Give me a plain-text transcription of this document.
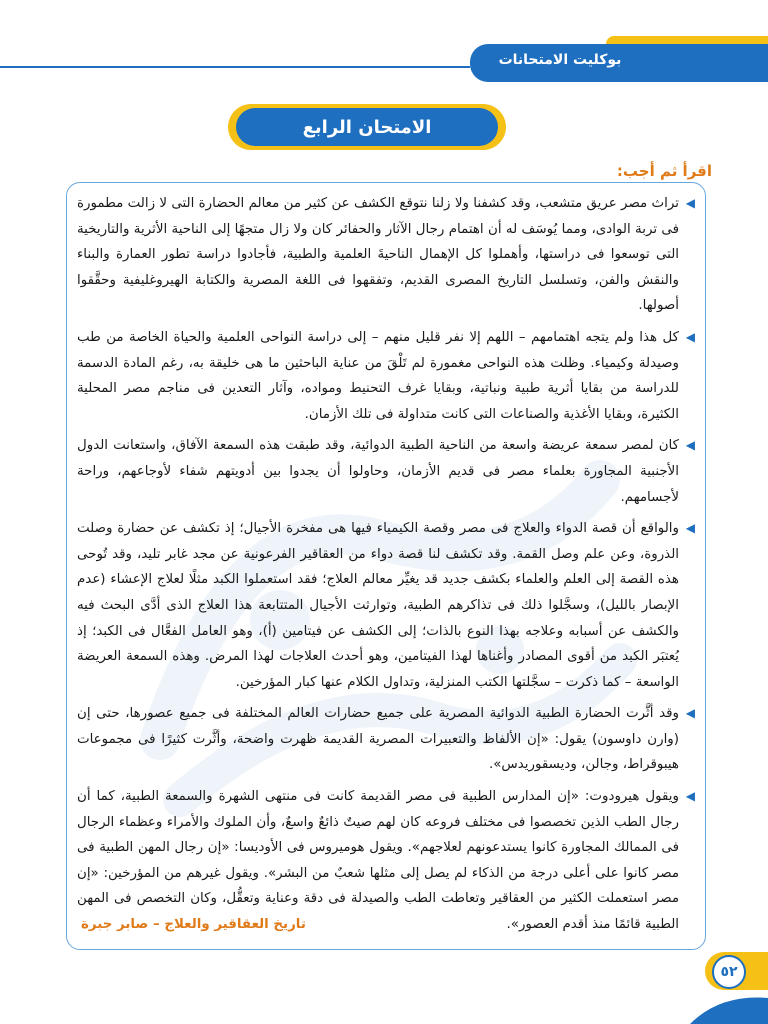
بوكليت الامتحانات
الامتحان الرابع
اقرأ ثم أجب:

◀
تراث مصر عريق متشعب، وقد كشفنا ولا زلنا نتوقع الكشف عن كثير من معالم الحضارة التى لا زالت مطمورة فى تربة الوادى، ومما يُوسَف له أن اهتمام رجال الآثار والحفائر كان ولا زال متجهًا إلى الناحية الأثرية والتاريخية التى توسعوا فى دراستها، وأهملوا كل الإهمال الناحيةَ العلمية والطبية، فأجادوا دراسة تطور العمارة والبناء والنقش والفن، وتسلسل التاريخ المصرى القديم، وتفقهوا فى اللغة المصرية والكتابة الهيروغليفية وحقَّقوا أصولها.

◀
كل هذا ولم يتجه اهتمامهم – اللهم إلا نفر قليل منهم – إلى دراسة النواحى العلمية والحياة الخاصة من طب وصيدلة وكيمياء. وظلت هذه النواحى مغمورة لم تَلْقَ من عناية الباحثين ما هى خليقة به، رغم المادة الدسمة للدراسة من بقايا أثرية طبية ونباتية، وبقايا غرف التحنيط ومواده، وآثار التعدين فى مناجم مصر المحلية الكثيرة، وبقايا الأغذية والصناعات التى كانت متداولة فى تلك الأزمان.

◀
كان لمصر سمعة عريضة واسعة من الناحية الطبية الدوائية، وقد طبقت هذه السمعة الآفاق، واستعانت الدول الأجنبية المجاورة بعلماء مصر فى قديم الأزمان، وحاولوا أن يجدوا بين أدويتهم شفاء لأوجاعهم، وراحة لأجسامهم.

◀
والواقع أن قصة الدواء والعلاج فى مصر وقصة الكيمياء فيها هى مفخرة الأجيال؛ إذ تكشف عن حضارة وصلت الذروة، وعن علم وصل القمة. وقد تكشف لنا قصة دواء من العقاقير الفرعونية عن مجد غابر تليد، وقد تُوحى هذه القصة إلى العلم والعلماء بكشف جديد قد يغيِّر معالم العلاج؛ فقد استعملوا الكبد مثلًا لعلاج الإعشاء (عدم الإبصار بالليل)، وسجَّلوا ذلك فى تذاكرهم الطبية، وتوارثت الأجيال المتتابعة هذا العلاج الذى أدَّى البحث فيه والكشف عن أسبابه وعلاجه بهذا النوع بالذات؛ إلى الكشف عن فيتامين (أ)، وهو العامل الفعَّال فى الكبد؛ إذ يُعتبَر الكبد من أقوى المصادر وأغناها لهذا الفيتامين، وهو أحدث العلاجات لهذا المرض. وهذه السمعة العريضة الواسعة – كما ذكرت – سجَّلتها الكتب المنزلية، وتداول الكلام عنها كبار المؤرخين.

◀
وقد أثَّرت الحضارة الطبية الدوائية المصرية على جميع حضارات العالم المختلفة فى جميع عصورها، حتى إن (وارن داوسون) يقول: «إن الألفاظ والتعبيرات المصرية القديمة ظهرت واضحة، وأثَّرت كثيرًا فى مجموعات هيبوقراط، وجالن، وديسقوريدس».

◀
ويقول هيرودوت: «إن المدارس الطبية فى مصر القديمة كانت فى منتهى الشهرة والسمعة الطبية، كما أن رجال الطب الذين تخصصوا فى مختلف فروعه كان لهم صيتٌ ذائعٌ واسعٌ، وأن الملوك والأمراء وعظماء الرجال فى الممالك المجاورة كانوا يستدعونهم لعلاجهم». ويقول هوميروس فى الأوديسا: «إن رجال المهن الطبية فى مصر كانوا على أعلى درجة من الذكاء لم يصل إلى مثلها شعبٌ من البشر». ويقول غيرهم من المؤرخين: «إن مصر استعملت الكثير من العقاقير وتعاطت الطب والصيدلة فى دقة وعناية وتعقُّل، وكان التخصص فى المهن الطبية قائمًا منذ أقدم العصور».
تاريخ العقاقير والعلاج – صابر جبرة

٥٢
